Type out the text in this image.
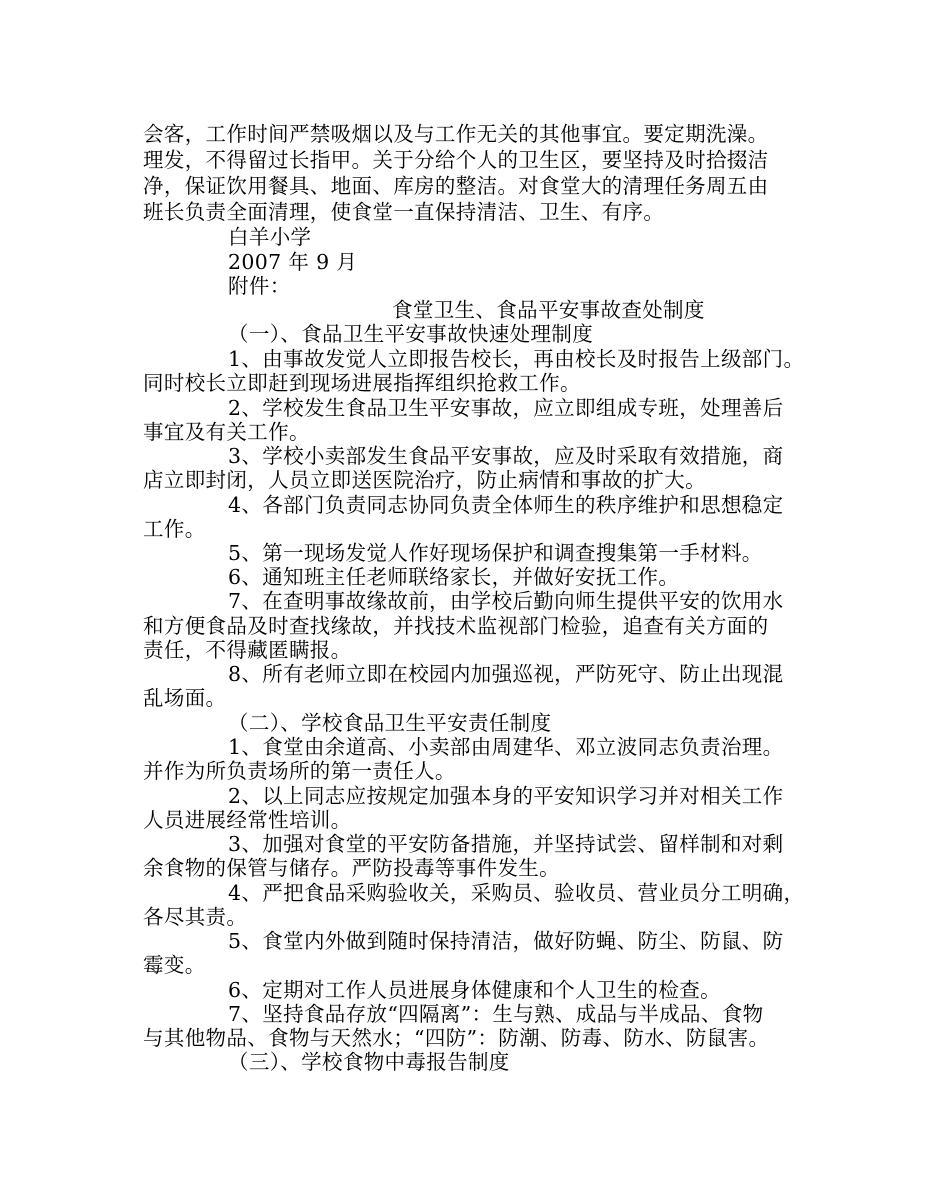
会客，工作时间严禁吸烟以及与工作无关的其他事宜。要定期洗澡。
理发，不得留过长指甲。关于分给个人的卫生区，要坚持及时拾掇洁
净，保证饮用餐具、地面、库房的整洁。对食堂大的清理任务周五由
班长负责全面清理，使食堂一直保持清洁、卫生、有序。
白羊小学
2007 年 9 月
附件：
食堂卫生、食品平安事故查处制度
（一）、食品卫生平安事故快速处理制度
1、由事故发觉人立即报告校长，再由校长及时报告上级部门。
同时校长立即赶到现场进展指挥组织抢救工作。
2、学校发生食品卫生平安事故，应立即组成专班，处理善后
事宜及有关工作。
3、学校小卖部发生食品平安事故，应及时采取有效措施，商
店立即封闭，人员立即送医院治疗，防止病情和事故的扩大。
4、各部门负责同志协同负责全体师生的秩序维护和思想稳定
工作。
5、第一现场发觉人作好现场保护和调查搜集第一手材料。
6、通知班主任老师联络家长，并做好安抚工作。
7、在查明事故缘故前，由学校后勤向师生提供平安的饮用水
和方便食品及时查找缘故，并找技术监视部门检验，追查有关方面的
责任，不得藏匿瞒报。
8、所有老师立即在校园内加强巡视，严防死守、防止出现混
乱场面。
（二）、学校食品卫生平安责任制度
1、食堂由余道高、小卖部由周建华、邓立波同志负责治理。
并作为所负责场所的第一责任人。
2、以上同志应按规定加强本身的平安知识学习并对相关工作
人员进展经常性培训。
3、加强对食堂的平安防备措施，并坚持试尝、留样制和对剩
余食物的保管与储存。严防投毒等事件发生。
4、严把食品采购验收关，采购员、验收员、营业员分工明确，
各尽其责。
5、食堂内外做到随时保持清洁，做好防蝇、防尘、防鼠、防
霉变。
6、定期对工作人员进展身体健康和个人卫生的检查。
7、坚持食品存放“四隔离”：生与熟、成品与半成品、食物
与其他物品、食物与天然水；“四防”：防潮、防毒、防水、防鼠害。
（三）、学校食物中毒报告制度
